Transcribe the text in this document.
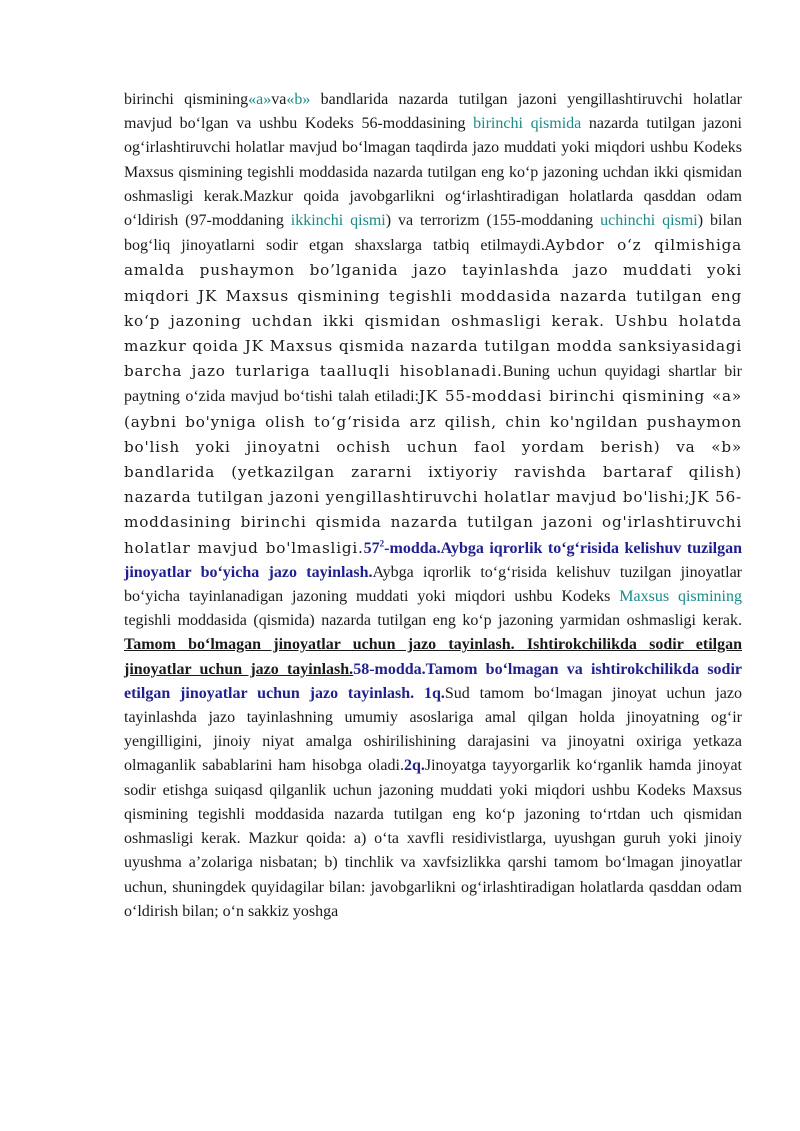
birinchi qismining«a»va«b» bandlarida nazarda tutilgan jazoni yengillashtiruvchi holatlar mavjud bo‘lgan va ushbu Kodeks 56-moddasining birinchi qismida nazarda tutilgan jazoni og‘irlashtiruvchi holatlar mavjud bo‘lmagan taqdirda jazo muddati yoki miqdori ushbu Kodeks Maxsus qismining tegishli moddasida nazarda tutilgan eng ko‘p jazoning uchdan ikki qismidan oshmasligi kerak.Mazkur qoida javobgarlikni og‘irlashtiradigan holatlarda qasddan odam o‘ldirish (97-moddaning ikkinchi qismi) va terrorizm (155-moddaning uchinchi qismi) bilan bog‘liq jinoyatlarni sodir etgan shaxslarga tatbiq etilmaydi.Aybdor o‘z qilmishiga amalda pushaymon bo’lganida jazo tayinlashda jazo muddati yoki miqdori JK Maxsus qismining tegishli moddasida nazarda tutilgan eng ko‘p jazoning uchdan ikki qismidan oshmasligi kerak. Ushbu holatda mazkur qoida JK Maxsus qismida nazarda tutilgan modda sanksiyasidagi barcha jazo turlariga taalluqli hisoblanadi.Buning uchun quyidagi shartlar bir paytning o‘zida mavjud bo‘tishi talah etiladi:JK 55-moddasi birinchi qismining «a» (aybni bo'yniga olish to‘g‘risida arz qilish, chin ko'ngildan pushaymon bo'lish yoki jinoyatni ochish uchun faol yordam berish) va «b» bandlarida (yetkazilgan zararni ixtiyoriy ravishda bartaraf qilish) nazarda tutilgan jazoni yengillashtiruvchi holatlar mavjud bo'lishi;JK 56-moddasining birinchi qismida nazarda tutilgan jazoni og'irlashtiruvchi holatlar mavjud $bo'lmasligi.57^2-modda.Aybga$ iqrorlik to‘g‘risida kelishuv tuzilgan jinoyatlar bo‘yicha jazo tayinlash.Aybga iqrorlik to‘g‘risida kelishuv tuzilgan jinoyatlar bo‘yicha tayinlanadigan jazoning muddati yoki miqdori ushbu Kodeks Maxsus qismining tegishli moddasida (qismida) nazarda tutilgan eng ko‘p jazoning yarmidan oshmasligi kerak. Tamom bo‘lmagan jinoyatlar uchun jazo tayinlash. Ishtirokchilikda sodir etilgan jinoyatlar uchun jazo tayinlash.58-modda.Tamom bo‘lmagan va ishtirokchilikda sodir etilgan jinoyatlar uchun jazo tayinlash. 1q.Sud tamom bo‘lmagan jinoyat uchun jazo tayinlashda jazo tayinlashning umumiy asoslariga amal qilgan holda jinoyatning og‘ir yengilligini, jinoiy niyat amalga oshirilishining darajasini va jinoyatni oxiriga yetkaza olmaganlik sabablarini ham hisobga oladi.2q.Jinoyatga tayyorgarlik ko‘rganlik hamda jinoyat sodir etishga suiqasd qilganlik uchun jazoning muddati yoki miqdori ushbu Kodeks Maxsus qismining tegishli moddasida nazarda tutilgan eng ko‘p jazoning to‘rtdan uch qismidan oshmasligi kerak. Mazkur qoida: a) o‘ta xavfli residivistlarga, uyushgan guruh yoki jinoiy uyushma a’zolariga nisbatan; b) tinchlik va xavfsizlikka qarshi tamom bo‘lmagan jinoyatlar uchun, shuningdek quyidagilar bilan: javobgarlikni og‘irlashtiradigan holatlarda qasddan odam o‘ldirish bilan; o‘n sakkiz yoshga
